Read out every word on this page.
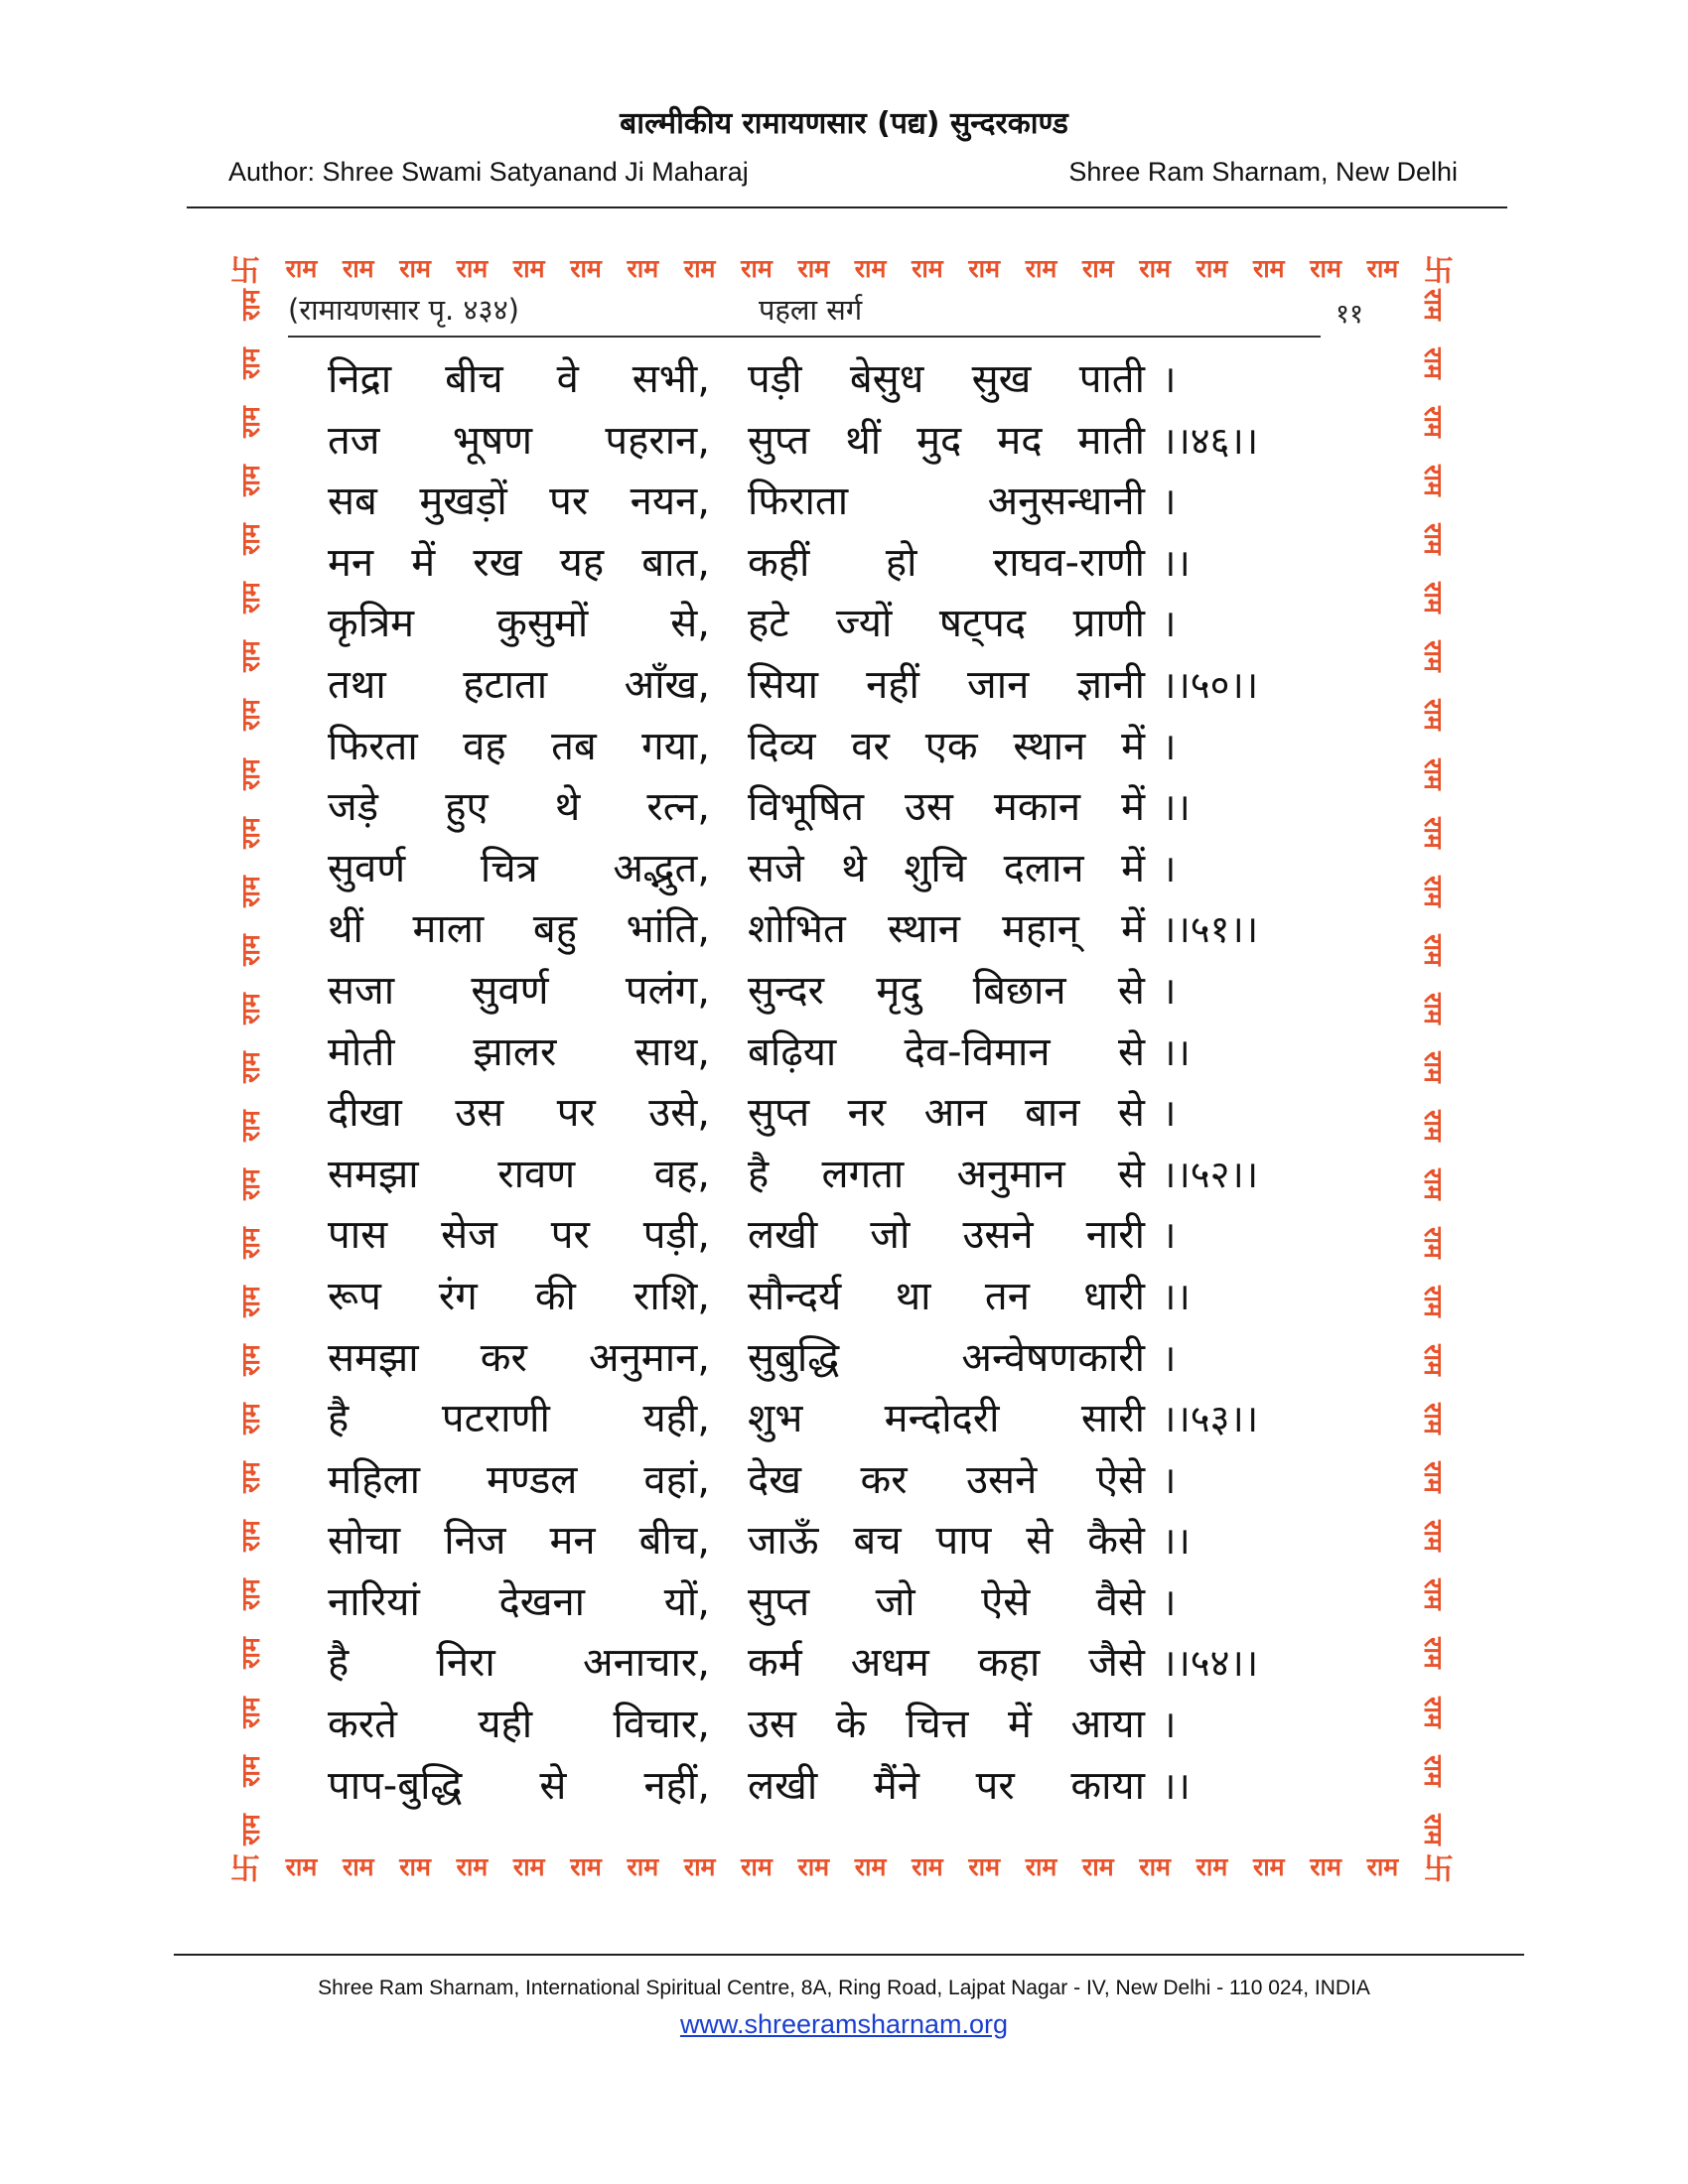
बाल्मीकीय रामायणसार (पद्य) सुन्दरकाण्ड
Author: Shree Swami Satyanand Ji Maharaj	Shree Ram Sharnam, New Delhi
卐 राम राम राम राम राम राम राम राम राम राम राम राम राम राम राम राम राम राम राम राम 卐
卐 राम राम राम राम राम राम राम राम राम राम राम राम राम राम राम राम राम राम राम राम 卐
राम
राम
राम
राम
राम
राम
राम
राम
राम
राम
राम
राम
राम
राम
राम
राम
राम
राम
राम
राम
राम
राम
राम
राम
राम
राम
राम
राम
राम
राम
राम
राम
राम
राम
राम
राम
राम
राम
राम
राम
राम
राम
राम
राम
राम
राम
राम
राम
राम
राम
राम
राम
राम
राम
(रामायणसार पृ. ४३४)	पहला सर्ग	११
निद्रा बीच वे सभी, पड़ी बेसुध सुख पाती ।
तज भूषण पहरान, सुप्त थीं मुद मद माती ।।४६।।
सब मुखड़ों पर नयन, फिराता	अनुसन्धानी ।
मन में रख यह बात, कहीं हो राघव-राणी ।।
कृत्रिम कुसुमों से, हटे ज्यों षट्पद प्राणी ।
तथा हटाता आँख, सिया नहीं जान ज्ञानी ।।५०।।
फिरता वह तब गया, दिव्य वर एक स्थान में ।
जड़े हुए थे रत्न, विभूषित उस मकान में ।।
सुवर्ण चित्र अद्भुत, सजे थे शुचि दलान में ।
थीं माला बहु भांति, शोभित स्थान महान् में ।।५१।।
सजा सुवर्ण पलंग, सुन्दर मृदु बिछान से ।
मोती झालर साथ, बढ़िया देव-विमान से ।।
दीखा उस पर उसे, सुप्त नर आन बान से ।
समझा रावण वह, है लगता अनुमान से ।।५२।।
पास सेज पर पड़ी, लखी जो उसने नारी ।
रूप रंग की राशि, सौन्दर्य था तन धारी ।।
समझा कर अनुमान, सुबुद्धि	अन्वेषणकारी ।
है पटराणी यही, शुभ मन्दोदरी सारी ।।५३।।
महिला मण्डल वहां, देख कर उसने ऐसे ।
सोचा निज मन बीच, जाऊँ बच पाप से कैसे ।।
नारियां देखना यों, सुप्त जो ऐसे वैसे ।
है निरा अनाचार, कर्म अधम कहा जैसे ।।५४।।
करते यही विचार, उस के चित्त में आया ।
पाप-बुद्धि से नहीं, लखी मैंने पर काया ।।
Shree Ram Sharnam, International Spiritual Centre, 8A, Ring Road, Lajpat Nagar - IV, New Delhi - 110 024, INDIA
www.shreeramsharnam.org
